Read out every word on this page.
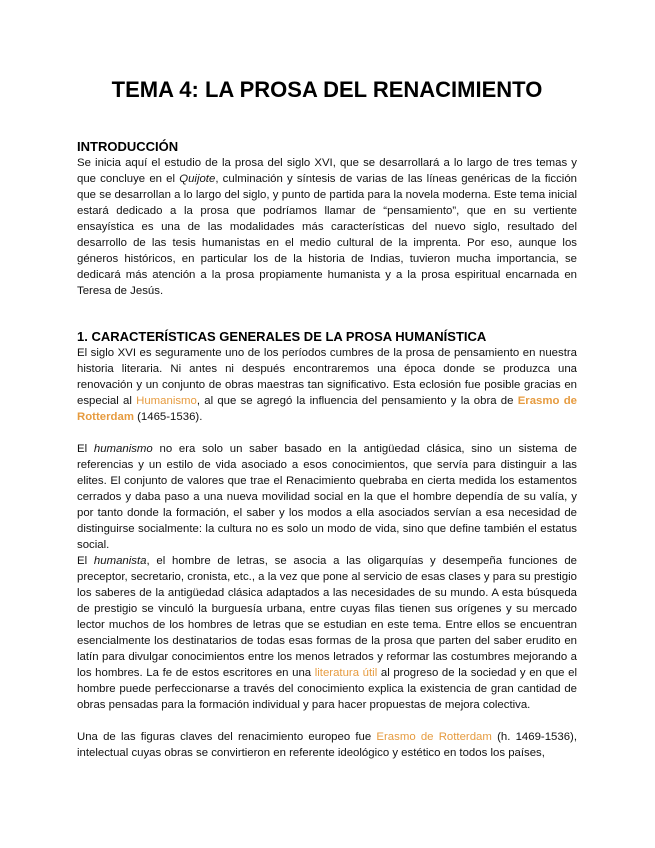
TEMA 4: LA PROSA DEL RENACIMIENTO
INTRODUCCIÓN

Se inicia aquí el estudio de la prosa del siglo XVI, que se desarrollará a lo largo de tres temas y que concluye en el Quijote, culminación y síntesis de varias de las líneas genéricas de la ficción que se desarrollan a lo largo del siglo, y punto de partida para la novela moderna. Este tema inicial estará dedicado a la prosa que podríamos llamar de “pensamiento”, que en su vertiente ensayística es una de las modalidades más características del nuevo siglo, resultado del desarrollo de las tesis humanistas en el medio cultural de la imprenta. Por eso, aunque los géneros históricos, en particular los de la historia de Indias, tuvieron mucha importancia, se dedicará más atención a la prosa propiamente humanista y a la prosa espiritual encarnada en Teresa de Jesús.

1. CARACTERÍSTICAS GENERALES DE LA PROSA HUMANÍSTICA

El siglo XVI es seguramente uno de los períodos cumbres de la prosa de pensamiento en nuestra historia literaria. Ni antes ni después encontraremos una época donde se produzca una renovación y un conjunto de obras maestras tan significativo. Esta eclosión fue posible gracias en especial al Humanismo, al que se agregó la influencia del pensamiento y la obra de Erasmo de Rotterdam (1465-1536).

El humanismo no era solo un saber basado en la antigüedad clásica, sino un sistema de referencias y un estilo de vida asociado a esos conocimientos, que servía para distinguir a las elites. El conjunto de valores que trae el Renacimiento quebraba en cierta medida los estamentos cerrados y daba paso a una nueva movilidad social en la que el hombre dependía de su valía, y por tanto donde la formación, el saber y los modos a ella asociados servían a esa necesidad de distinguirse socialmente: la cultura no es solo un modo de vida, sino que define también el estatus social.

El humanista, el hombre de letras, se asocia a las oligarquías y desempeña funciones de preceptor, secretario, cronista, etc., a la vez que pone al servicio de esas clases y para su prestigio los saberes de la antigüedad clásica adaptados a las necesidades de su mundo. A esta búsqueda de prestigio se vinculó la burguesía urbana, entre cuyas filas tienen sus orígenes y su mercado lector muchos de los hombres de letras que se estudian en este tema. Entre ellos se encuentran esencialmente los destinatarios de todas esas formas de la prosa que parten del saber erudito en latín para divulgar conocimientos entre los menos letrados y reformar las costumbres mejorando a los hombres. La fe de estos escritores en una literatura útil al progreso de la sociedad y en que el hombre puede perfeccionarse a través del conocimiento explica la existencia de gran cantidad de obras pensadas para la formación individual y para hacer propuestas de mejora colectiva.

Una de las figuras claves del renacimiento europeo fue Erasmo de Rotterdam (h. 1469-1536), intelectual cuyas obras se convirtieron en referente ideológico y estético en todos los países,
